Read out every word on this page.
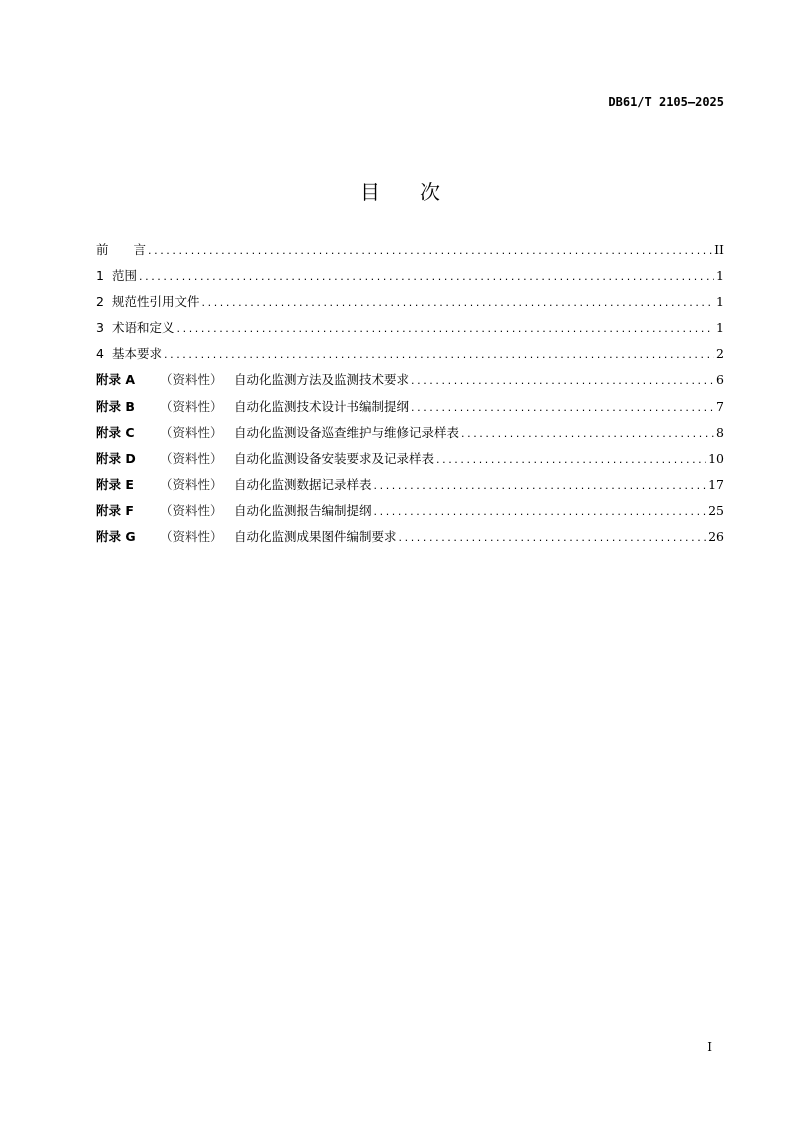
DB61/T 2105—2025
目次
前　　言 .....	II
1 范围 .....	1
2 规范性引用文件 .....	1
3 术语和定义 .....	1
4 基本要求 .....	2
附录 A （资料性） 自动化监测方法及监测技术要求 .....	6
附录 B （资料性） 自动化监测技术设计书编制提纲 .....	7
附录 C （资料性） 自动化监测设备巡查维护与维修记录样表 .....	8
附录 D （资料性） 自动化监测设备安装要求及记录样表 .....	10
附录 E （资料性） 自动化监测数据记录样表 .....	17
附录 F （资料性） 自动化监测报告编制提纲 .....	25
附录 G （资料性） 自动化监测成果图件编制要求 .....	26
I
